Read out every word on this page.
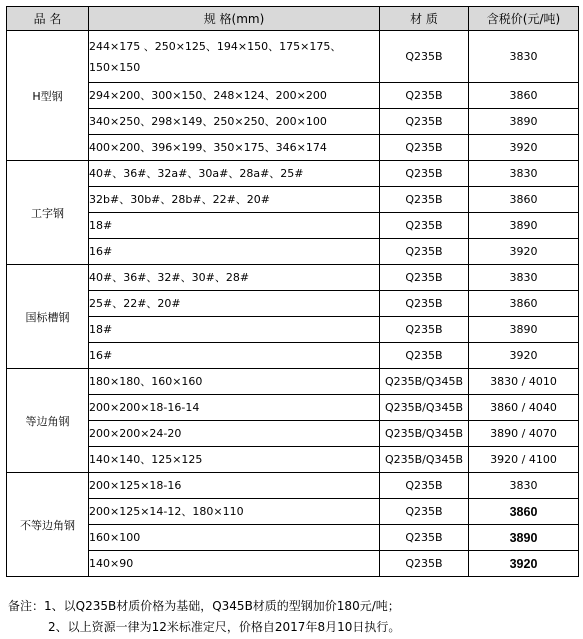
品 名	规 格(mm)	材 质	含税价(元/吨)
H型钢	244×175 、250×125、194×150、175×175、150×150	Q235B	3830
	294×200、300×150、248×124、200×200	Q235B	3860
	340×250、298×149、250×250、200×100	Q235B	3890
	400×200、396×199、350×175、346×174	Q235B	3920
工字钢	40#、36#、32a#、30a#、28a#、25#	Q235B	3830
	32b#、30b#、28b#、22#、20#	Q235B	3860
	18#	Q235B	3890
	16#	Q235B	3920
国标槽钢	40#、36#、32#、30#、28#	Q235B	3830
	25#、22#、20#	Q235B	3860
	18#	Q235B	3890
	16#	Q235B	3920
等边角钢	180×180、160×160	Q235B/Q345B	3830 / 4010
	200×200×18-16-14	Q235B/Q345B	3860 / 4040
	200×200×24-20	Q235B/Q345B	3890 / 4070
	140×140、125×125	Q235B/Q345B	3920 / 4100
不等边角钢	200×125×18-16	Q235B	3830
	200×125×14-12、180×110	Q235B	3860
	160×100	Q235B	3890
	140×90	Q235B	3920
备注：1、以Q235B材质价格为基础，Q345B材质的型钢加价180元/吨；
2、以上资源一律为12米标准定尺，价格自2017年8月10日执行。
